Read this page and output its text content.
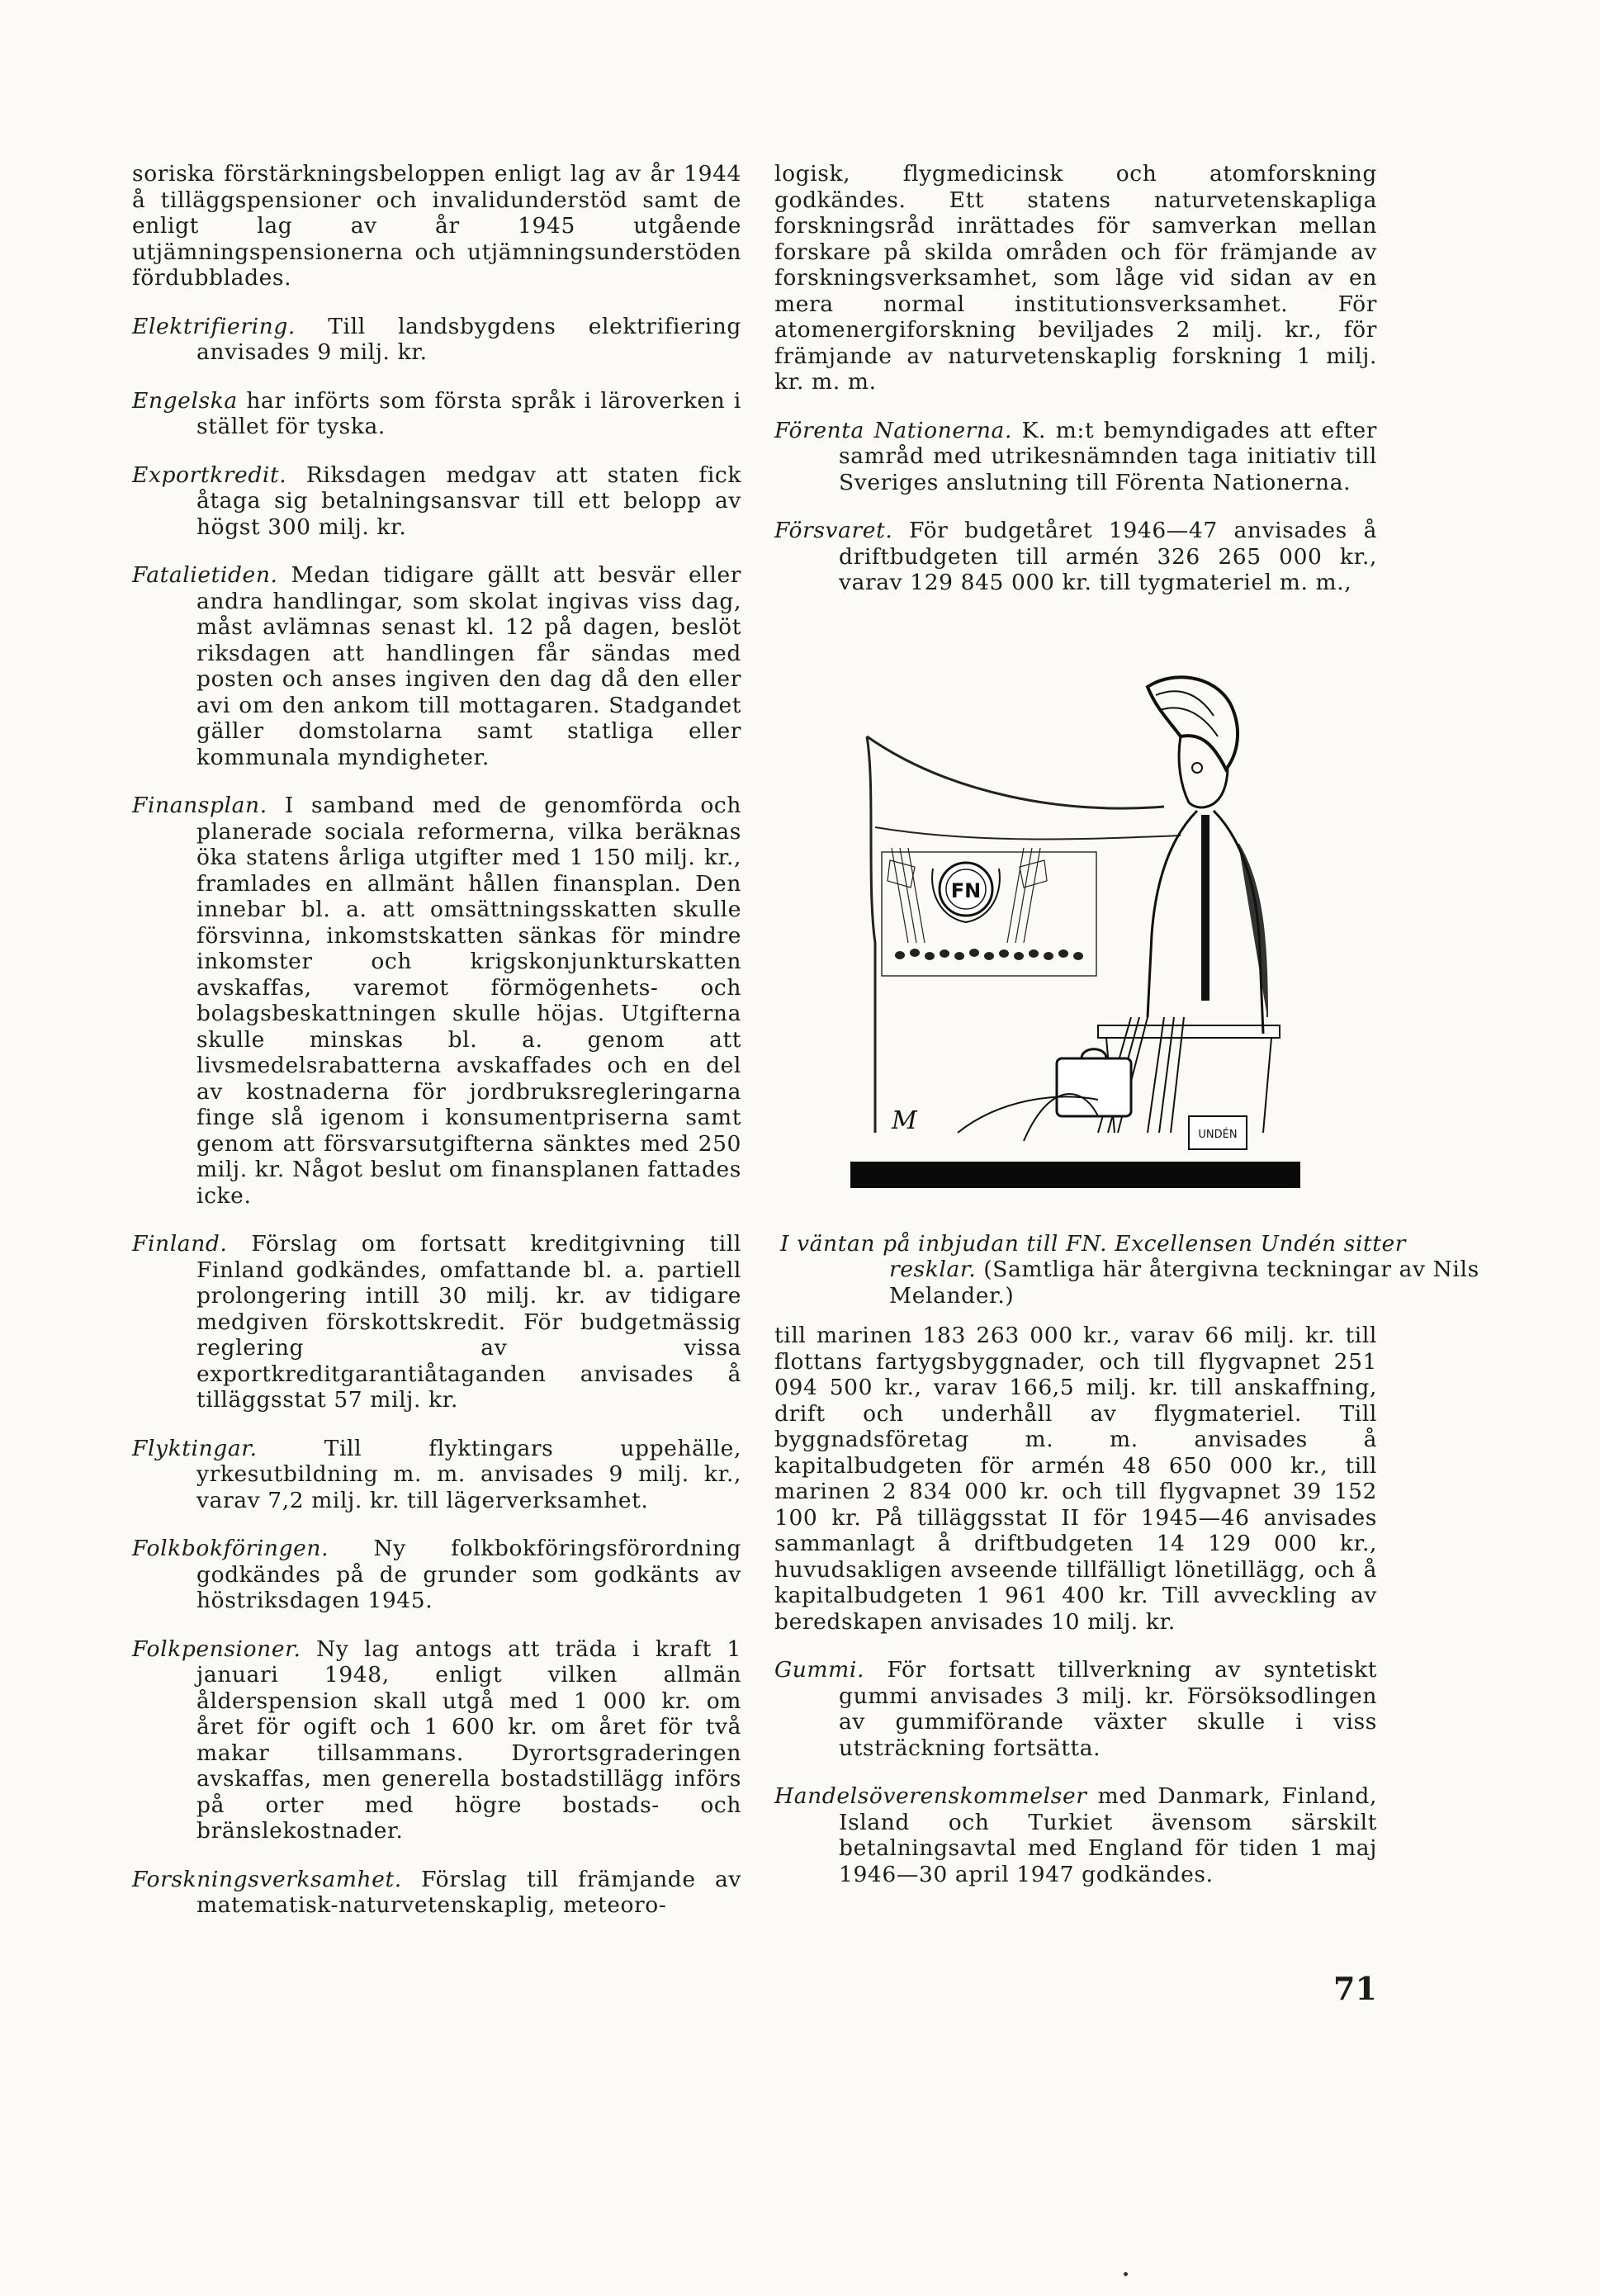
soriska förstärkningsbeloppen enligt lag av år 1944 å tilläggspensioner och invalidunderstöd samt de enligt lag av år 1945 utgående utjämningspensionerna och utjämningsunderstöden fördubblades.

Elektrifiering. Till landsbygdens elektrifiering anvisades 9 milj. kr.

Engelska har införts som första språk i läroverken i stället för tyska.

Exportkredit. Riksdagen medgav att staten fick åtaga sig betalningsansvar till ett belopp av högst 300 milj. kr.

Fatalietiden. Medan tidigare gällt att besvär eller andra handlingar, som skolat ingivas viss dag, måst avlämnas senast kl. 12 på dagen, beslöt riksdagen att handlingen får sändas med posten och anses ingiven den dag då den eller avi om den ankom till mottagaren. Stadgandet gäller domstolarna samt statliga eller kommunala myndigheter.

Finansplan. I samband med de genomförda och planerade sociala reformerna, vilka beräknas öka statens årliga utgifter med 1 150 milj. kr., framlades en allmänt hållen finansplan. Den innebar bl. a. att omsättningsskatten skulle försvinna, inkomstskatten sänkas för mindre inkomster och krigskonjunkturskatten avskaffas, varemot förmögenhets- och bolagsbeskattningen skulle höjas. Utgifterna skulle minskas bl. a. genom att livsmedelsrabatterna avskaffades och en del av kostnaderna för jordbruksregleringarna finge slå igenom i konsumentpriserna samt genom att försvarsutgifterna sänktes med 250 milj. kr. Något beslut om finansplanen fattades icke.

Finland. Förslag om fortsatt kreditgivning till Finland godkändes, omfattande bl. a. partiell prolongering intill 30 milj. kr. av tidigare medgiven förskottskredit. För budgetmässig reglering av vissa exportkreditgarantiåtaganden anvisades å tilläggsstat 57 milj. kr.

Flyktingar. Till flyktingars uppehälle, yrkesutbildning m. m. anvisades 9 milj. kr., varav 7,2 milj. kr. till lägerverksamhet.

Folkbokföringen. Ny folkbokföringsförordning godkändes på de grunder som godkänts av höstriksdagen 1945.

Folkpensioner. Ny lag antogs att träda i kraft 1 januari 1948, enligt vilken allmän ålderspension skall utgå med 1 000 kr. om året för ogift och 1 600 kr. om året för två makar tillsammans. Dyrortsgraderingen avskaffas, men generella bostadstillägg införs på orter med högre bostads- och bränslekostnader.

Forskningsverksamhet. Förslag till främjande av matematisk-naturvetenskaplig, meteoro-

logisk, flygmedicinsk och atomforskning godkändes. Ett statens naturvetenskapliga forskningsråd inrättades för samverkan mellan forskare på skilda områden och för främjande av forskningsverksamhet, som låge vid sidan av en mera normal institutionsverksamhet. För atomenergiforskning beviljades 2 milj. kr., för främjande av naturvetenskaplig forskning 1 milj. kr. m. m.

Förenta Nationerna. K. m:t bemyndigades att efter samråd med utrikesnämnden taga initiativ till Sveriges anslutning till Förenta Nationerna.

Försvaret. För budgetåret 1946—47 anvisades å driftbudgeten till armén 326 265 000 kr., varav 129 845 000 kr. till tygmateriel m. m.,

FN
UNDÉN
M

I väntan på inbjudan till FN. Excellensen Undén sitter resklar. (Samtliga här återgivna teckningar av Nils Melander.)

till marinen 183 263 000 kr., varav 66 milj. kr. till flottans fartygsbyggnader, och till flygvapnet 251 094 500 kr., varav 166,5 milj. kr. till anskaffning, drift och underhåll av flygmateriel. Till byggnadsföretag m. m. anvisades å kapitalbudgeten för armén 48 650 000 kr., till marinen 2 834 000 kr. och till flygvapnet 39 152 100 kr. På tilläggsstat II för 1945—46 anvisades sammanlagt å driftbudgeten 14 129 000 kr., huvudsakligen avseende tillfälligt lönetillägg, och å kapitalbudgeten 1 961 400 kr. Till avveckling av beredskapen anvisades 10 milj. kr.

Gummi. För fortsatt tillverkning av syntetiskt gummi anvisades 3 milj. kr. Försöksodlingen av gummiförande växter skulle i viss utsträckning fortsätta.

Handelsöverenskommelser med Danmark, Finland, Island och Turkiet ävensom särskilt betalningsavtal med England för tiden 1 maj 1946—30 april 1947 godkändes.

71
